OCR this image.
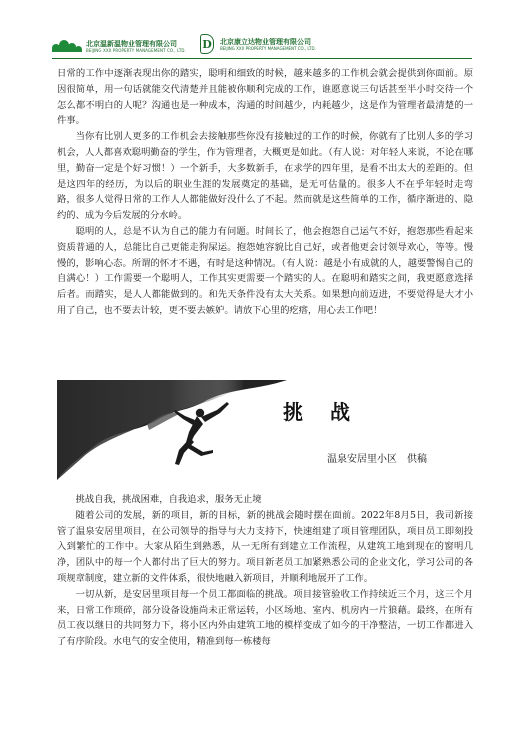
北京温新温物业管理有限公司
BEIJING XXX PROPERTY MANAGEMENT CO., LTD. D	北京康立达物业管理有限公司
BEIJING XXX PROPERTY MANAGEMENT CO., LTD.

日常的工作中逐渐表现出你的踏实，聪明和细致的时候，越来越多的工作机会就会提供到你面前。原因很简单，用一句话就能交代清楚并且能被你顺利完成的工作，谁愿意说三句话甚至半小时交待一个怎么都不明白的人呢？沟通也是一种成本，沟通的时间越少，内耗越少，这是作为管理者最清楚的一件事。

当你有比别人更多的工作机会去接触那些你没有接触过的工作的时候，你就有了比别人多的学习机会，人人都喜欢聪明勤奋的学生，作为管理者，大概更是如此。（有人说：对年轻人来说，不论在哪里，勤奋一定是个好习惯！）一个新手，大多数新手，在求学的四年里，是看不出太大的差距的。但是这四年的经历，为以后的职业生涯的发展奠定的基础，是无可估量的。很多人不在乎年轻时走弯路，很多人觉得日常的工作人人都能做好没什么了不起。然而就是这些简单的工作，循序渐进的、隐约的、成为今后发展的分水岭。

聪明的人，总是不认为自己的能力有问题。时间长了，他会抱怨自己运气不好，抱怨那些看起来资质普通的人，总能比自己更能走狗屎运。抱怨她容貌比自己好，或者他更会讨领导欢心，等等。慢慢的，影响心态。所谓的怀才不遇，有时是这种情况。（有人说：越是小有成就的人，越要警惕自己的自满心！）工作需要一个聪明人，工作其实更需要一个踏实的人。在聪明和踏实之间，我更愿意选择后者。而踏实，是人人都能做到的。和先天条件没有太大关系。如果想向前迈进，不要觉得是大才小用了自己，也不要去计较，更不要去嫉妒。请放下心里的疙瘩，用心去工作吧！

挑 战
温泉安居里小区　供稿

挑战自我，挑战困难，自我追求，服务无止境

随着公司的发展，新的项目，新的目标，新的挑战会随时摆在面前。2022年8月5日，我司新接管了温泉安居里项目，在公司领导的指导与大力支持下，快速组建了项目管理团队，项目员工即刻投入到繁忙的工作中。大家从陌生到熟悉，从一无所有到建立工作流程，从建筑工地到现在的窗明几净，团队中的每一个人都付出了巨大的努力。项目新老员工加紧熟悉公司的企业文化，学习公司的各项规章制度，建立新的文件体系，很快地融入新项目，并顺利地展开了工作。

一切从新，是安居里项目每一个员工都面临的挑战。项目接管验收工作持续近三个月，这三个月来，日常工作琐碎，部分设备设施尚未正常运转，小区场地、室内、机房内一片狼藉。最终，在所有员工夜以继日的共同努力下，将小区内外由建筑工地的模样变成了如今的干净整洁，一切工作都进入了有序阶段。水电气的安全使用，精准到每一栋楼每
